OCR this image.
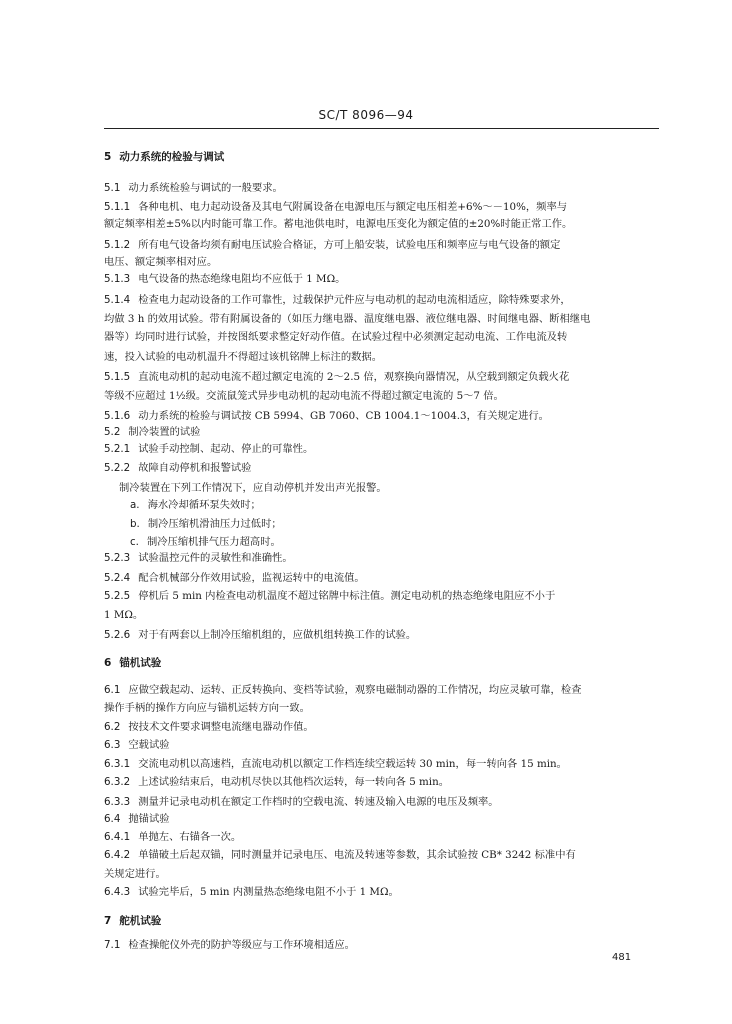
SC/T 8096—94
5 动力系统的检验与调试
5.1 动力系统检验与调试的一般要求。
5.1.1 各种电机、电力起动设备及其电气附属设备在电源电压与额定电压相差+6%～－10%，频率与
额定频率相差±5%以内时能可靠工作。蓄电池供电时，电源电压变化为额定值的±20%时能正常工作。
5.1.2 所有电气设备均须有耐电压试验合格证，方可上船安装，试验电压和频率应与电气设备的额定
电压、额定频率相对应。
5.1.3 电气设备的热态绝缘电阻均不应低于 1 MΩ。
5.1.4 检查电力起动设备的工作可靠性，过载保护元件应与电动机的起动电流相适应，除特殊要求外，
均做 3 h 的效用试验。带有附属设备的（如压力继电器、温度继电器、液位继电器、时间继电器、断相继电
器等）均同时进行试验，并按图纸要求整定好动作值。在试验过程中必须测定起动电流、工作电流及转
速，投入试验的电动机温升不得超过该机铭牌上标注的数据。
5.1.5 直流电动机的起动电流不超过额定电流的 2～2.5 倍，观察换向器情况，从空载到额定负载火花
等级不应超过 1½级。交流鼠笼式异步电动机的起动电流不得超过额定电流的 5～7 倍。
5.1.6 动力系统的检验与调试按 CB 5994、GB 7060、CB 1004.1～1004.3，有关规定进行。
5.2 制冷装置的试验
5.2.1 试验手动控制、起动、停止的可靠性。
5.2.2 故障自动停机和报警试验
制冷装置在下列工作情况下，应自动停机并发出声光报警。
a. 海水冷却循环泵失效时；
b. 制冷压缩机滑油压力过低时；
c. 制冷压缩机排气压力超高时。
5.2.3 试验温控元件的灵敏性和准确性。
5.2.4 配合机械部分作效用试验，监视运转中的电流值。
5.2.5 停机后 5 min 内检查电动机温度不超过铭牌中标注值。测定电动机的热态绝缘电阻应不小于
1 MΩ。
5.2.6 对于有两套以上制冷压缩机组的，应做机组转换工作的试验。
6 锚机试验
6.1 应做空载起动、运转、正反转换向、变档等试验，观察电磁制动器的工作情况，均应灵敏可靠，检查
操作手柄的操作方向应与锚机运转方向一致。
6.2 按技术文件要求调整电流继电器动作值。
6.3 空载试验
6.3.1 交流电动机以高速档，直流电动机以额定工作档连续空载运转 30 min，每一转向各 15 min。
6.3.2 上述试验结束后，电动机尽快以其他档次运转，每一转向各 5 min。
6.3.3 测量并记录电动机在额定工作档时的空载电流、转速及输入电源的电压及频率。
6.4 抛锚试验
6.4.1 单抛左、右锚各一次。
6.4.2 单锚破土后起双锚，同时测量并记录电压、电流及转速等参数，其余试验按 CB* 3242 标准中有
关规定进行。
6.4.3 试验完毕后，5 min 内测量热态绝缘电阻不小于 1 MΩ。
7 舵机试验
7.1 检查操舵仪外壳的防护等级应与工作环境相适应。
481
